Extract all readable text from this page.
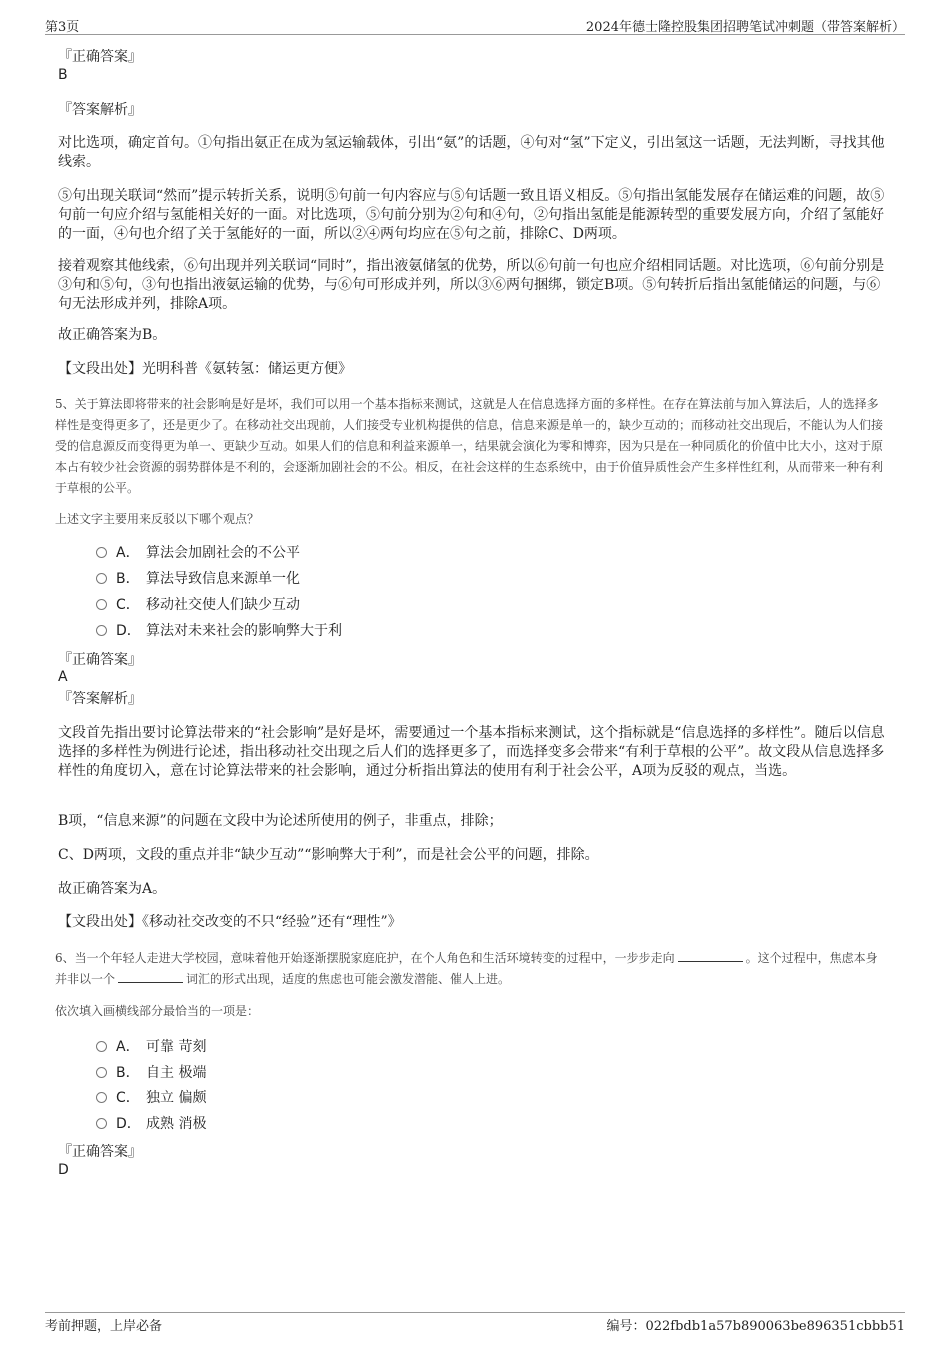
第3页	2024年德士隆控股集团招聘笔试冲刺题（带答案解析）
『正确答案』
B
『答案解析』
对比选项，确定首句。①句指出氨正在成为氢运输载体，引出“氨”的话题，④句对“氢”下定义，引出氢这一话题，无法判断，寻找其他线索。
⑤句出现关联词“然而”提示转折关系，说明⑤句前一句内容应与⑤句话题一致且语义相反。⑤句指出氢能发展存在储运难的问题，故⑤句前一句应介绍与氢能相关好的一面。对比选项，⑤句前分别为②句和④句，②句指出氢能是能源转型的重要发展方向，介绍了氢能好的一面，④句也介绍了关于氢能好的一面，所以②④两句均应在⑤句之前，排除C、D两项。
接着观察其他线索，⑥句出现并列关联词“同时”，指出液氨储氢的优势，所以⑥句前一句也应介绍相同话题。对比选项，⑥句前分别是③句和⑤句，③句也指出液氨运输的优势，与⑥句可形成并列，所以③⑥两句捆绑，锁定B项。⑤句转折后指出氢能储运的问题，与⑥句无法形成并列，排除A项。
故正确答案为B。
【文段出处】光明科普《氨转氢：储运更方便》
5、关于算法即将带来的社会影响是好是坏，我们可以用一个基本指标来测试，这就是人在信息选择方面的多样性。在存在算法前与加入算法后，人的选择多样性是变得更多了，还是更少了。在移动社交出现前，人们接受专业机构提供的信息，信息来源是单一的，缺少互动的；而移动社交出现后，不能认为人们接受的信息源反而变得更为单一、更缺少互动。如果人们的信息和利益来源单一，结果就会演化为零和博弈，因为只是在一种同质化的价值中比大小，这对于原本占有较少社会资源的弱势群体是不利的，会逐渐加剧社会的不公。相反，在社会这样的生态系统中，由于价值异质性会产生多样性红利，从而带来一种有利于草根的公平。
上述文字主要用来反驳以下哪个观点？
A． 算法会加剧社会的不公平
B． 算法导致信息来源单一化
C． 移动社交使人们缺少互动
D． 算法对未来社会的影响弊大于利
『正确答案』
A
『答案解析』
文段首先指出要讨论算法带来的“社会影响”是好是坏，需要通过一个基本指标来测试，这个指标就是“信息选择的多样性”。随后以信息选择的多样性为例进行论述，指出移动社交出现之后人们的选择更多了，而选择变多会带来“有利于草根的公平”。故文段从信息选择多样性的角度切入，意在讨论算法带来的社会影响，通过分析指出算法的使用有利于社会公平，A项为反驳的观点，当选。
B项，“信息来源”的问题在文段中为论述所使用的例子，非重点，排除；
C、D两项，文段的重点并非“缺少互动”“影响弊大于利”，而是社会公平的问题，排除。
故正确答案为A。
【文段出处】《移动社交改变的不只“经验”还有“理性”》
6、当一个年轻人走进大学校园，意味着他开始逐渐摆脱家庭庇护，在个人角色和生活环境转变的过程中，一步步走向	。这个过程中，焦虑本身并非以一个	词汇的形式出现，适度的焦虑也可能会激发潜能、催人上进。
依次填入画横线部分最恰当的一项是：
A． 可靠 苛刻
B． 自主 极端
C． 独立 偏颇
D． 成熟 消极
『正确答案』
D
考前押题，上岸必备	编号：022fbdb1a57b890063be896351cbbb51
